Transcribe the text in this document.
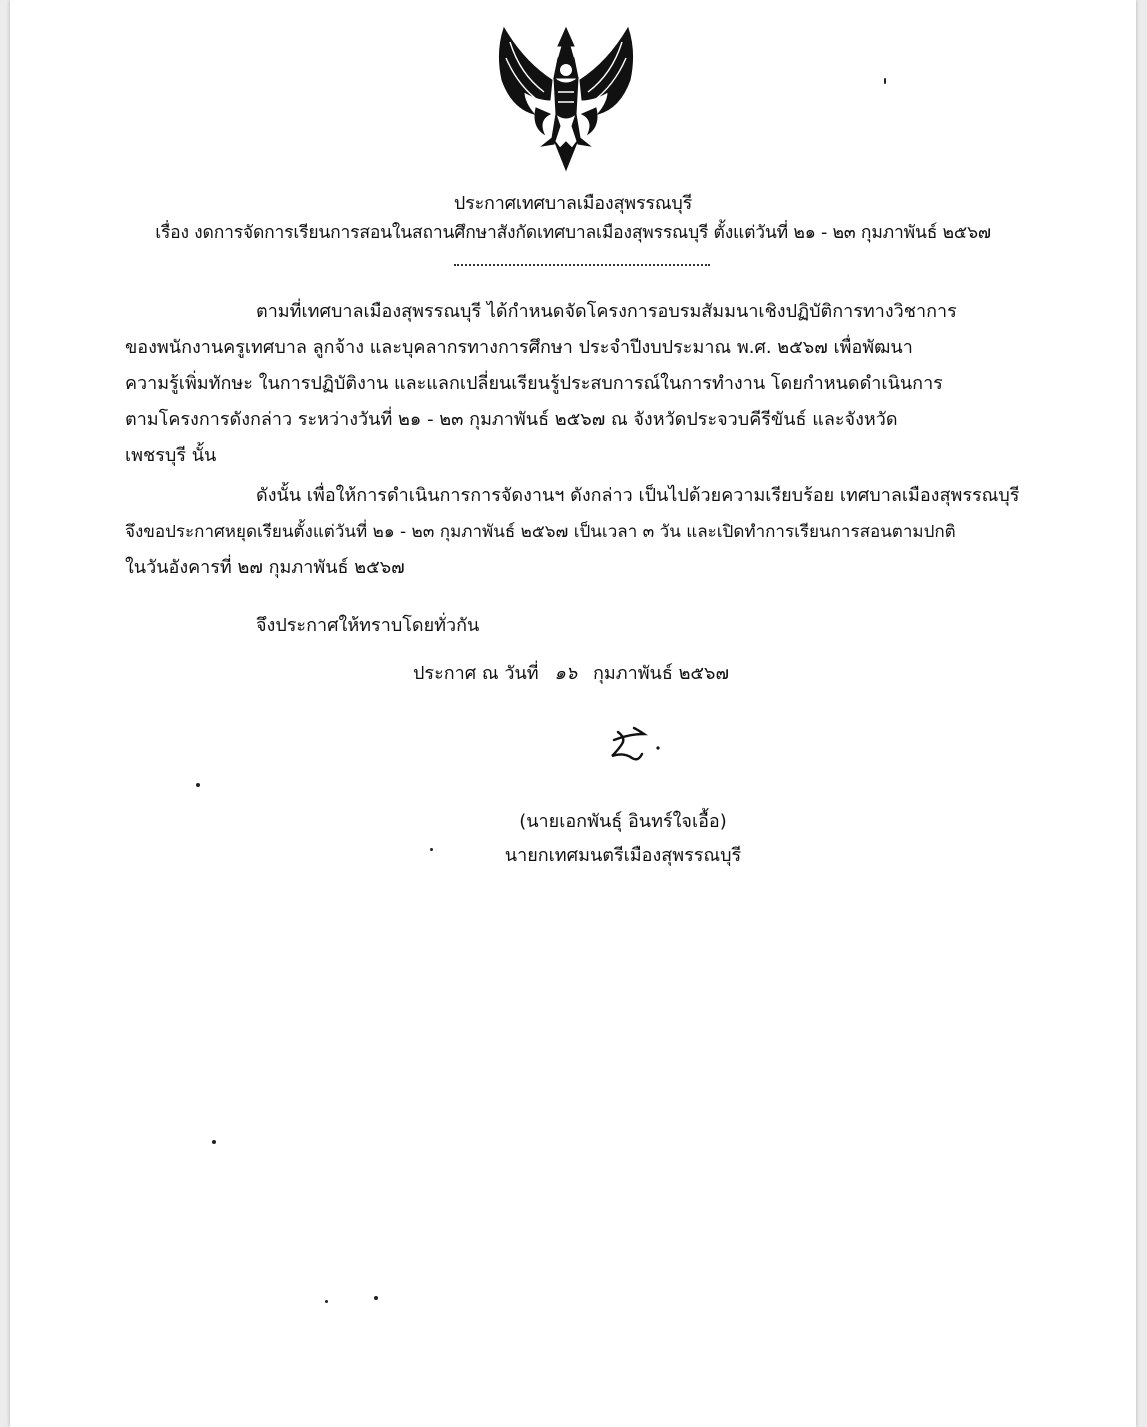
ประกาศเทศบาลเมืองสุพรรณบุรี
เรื่อง งดการจัดการเรียนการสอนในสถานศึกษาสังกัดเทศบาลเมืองสุพรรณบุรี ตั้งแต่วันที่ ๒๑ - ๒๓ กุมภาพันธ์ ๒๕๖๗
ตามที่เทศบาลเมืองสุพรรณบุรี ได้กำหนดจัดโครงการอบรมสัมมนาเชิงปฏิบัติการทางวิชาการ
ของพนักงานครูเทศบาล ลูกจ้าง และบุคลากรทางการศึกษา ประจำปีงบประมาณ พ.ศ. ๒๕๖๗ เพื่อพัฒนา
ความรู้เพิ่มทักษะ ในการปฏิบัติงาน และแลกเปลี่ยนเรียนรู้ประสบการณ์ในการทำงาน โดยกำหนดดำเนินการ
ตามโครงการดังกล่าว ระหว่างวันที่ ๒๑ - ๒๓ กุมภาพันธ์ ๒๕๖๗ ณ จังหวัดประจวบคีรีขันธ์ และจังหวัด
เพชรบุรี นั้น
ดังนั้น เพื่อให้การดำเนินการการจัดงานฯ ดังกล่าว เป็นไปด้วยความเรียบร้อย เทศบาลเมืองสุพรรณบุรี
จึงขอประกาศหยุดเรียนตั้งแต่วันที่ ๒๑ - ๒๓ กุมภาพันธ์ ๒๕๖๗ เป็นเวลา ๓ วัน และเปิดทำการเรียนการสอนตามปกติ
ในวันอังคารที่ ๒๗ กุมภาพันธ์ ๒๕๖๗
จึงประกาศให้ทราบโดยทั่วกัน
ประกาศ ณ วันที่ ๑๖ กุมภาพันธ์ ๒๕๖๗
(นายเอกพันธุ์ อินทร์ใจเอื้อ)
นายกเทศมนตรีเมืองสุพรรณบุรี
